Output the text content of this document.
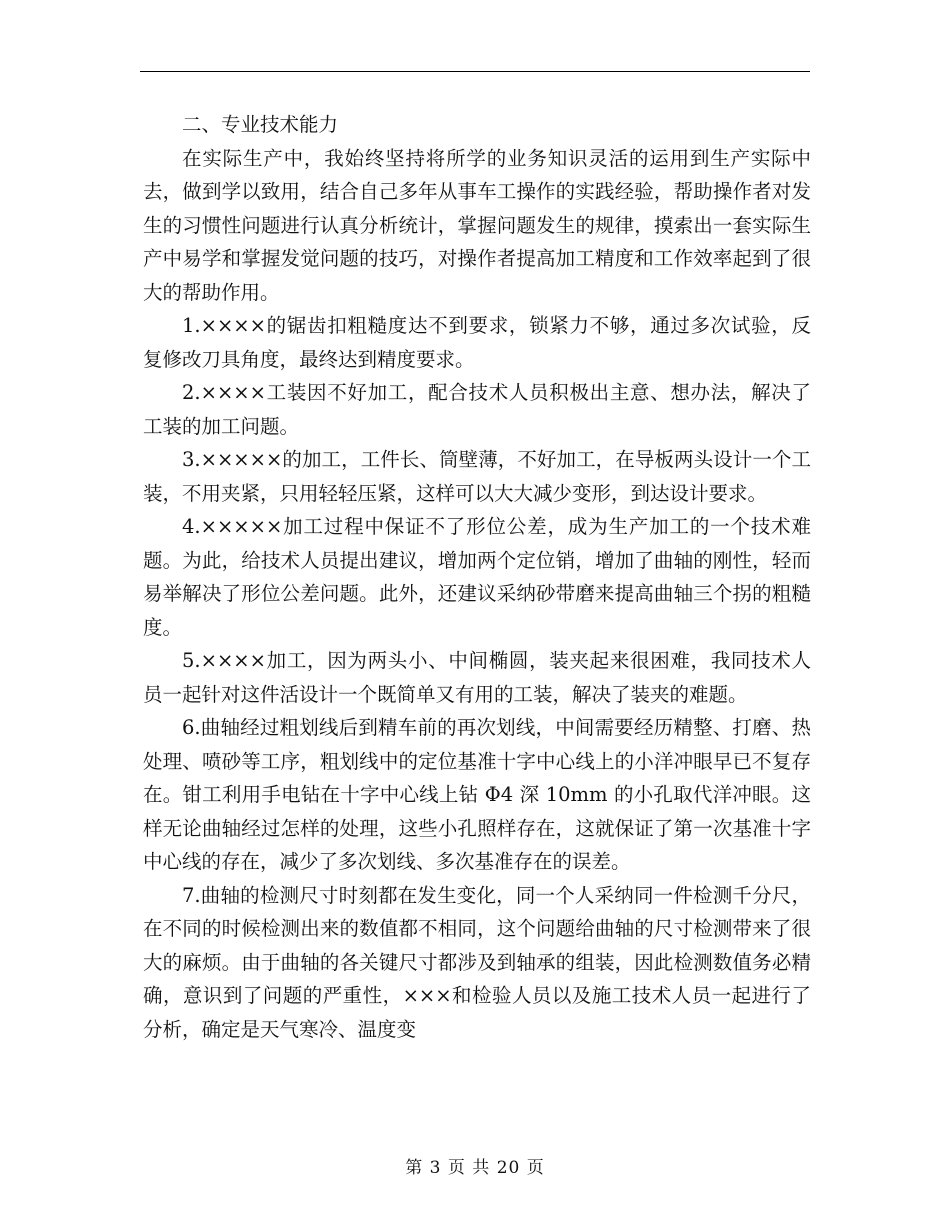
二、专业技术能力

在实际生产中，我始终坚持将所学的业务知识灵活的运用到生产实际中去，做到学以致用，结合自己多年从事车工操作的实践经验，帮助操作者对发生的习惯性问题进行认真分析统计，掌握问题发生的规律，摸索出一套实际生产中易学和掌握发觉问题的技巧，对操作者提高加工精度和工作效率起到了很大的帮助作用。

1.××××的锯齿扣粗糙度达不到要求，锁紧力不够，通过多次试验，反复修改刀具角度，最终达到精度要求。

2.××××工装因不好加工，配合技术人员积极出主意、想办法，解决了工装的加工问题。

3.×××××的加工，工件长、筒壁薄，不好加工，在导板两头设计一个工装，不用夹紧，只用轻轻压紧，这样可以大大减少变形，到达设计要求。

4.×××××加工过程中保证不了形位公差，成为生产加工的一个技术难题。为此，给技术人员提出建议，增加两个定位销，增加了曲轴的刚性，轻而易举解决了形位公差问题。此外，还建议采纳砂带磨来提高曲轴三个拐的粗糙度。

5.××××加工，因为两头小、中间椭圆，装夹起来很困难，我同技术人员一起针对这件活设计一个既简单又有用的工装，解决了装夹的难题。

6.曲轴经过粗划线后到精车前的再次划线，中间需要经历精整、打磨、热处理、喷砂等工序，粗划线中的定位基准十字中心线上的小洋冲眼早已不复存在。钳工利用手电钻在十字中心线上钻 Φ4 深 10mm 的小孔取代洋冲眼。这样无论曲轴经过怎样的处理，这些小孔照样存在，这就保证了第一次基准十字中心线的存在，减少了多次划线、多次基准存在的误差。

7.曲轴的检测尺寸时刻都在发生变化，同一个人采纳同一件检测千分尺，在不同的时候检测出来的数值都不相同，这个问题给曲轴的尺寸检测带来了很大的麻烦。由于曲轴的各关键尺寸都涉及到轴承的组装，因此检测数值务必精确，意识到了问题的严重性，×××和检验人员以及施工技术人员一起进行了分析，确定是天气寒冷、温度变

第 3 页 共 20 页
